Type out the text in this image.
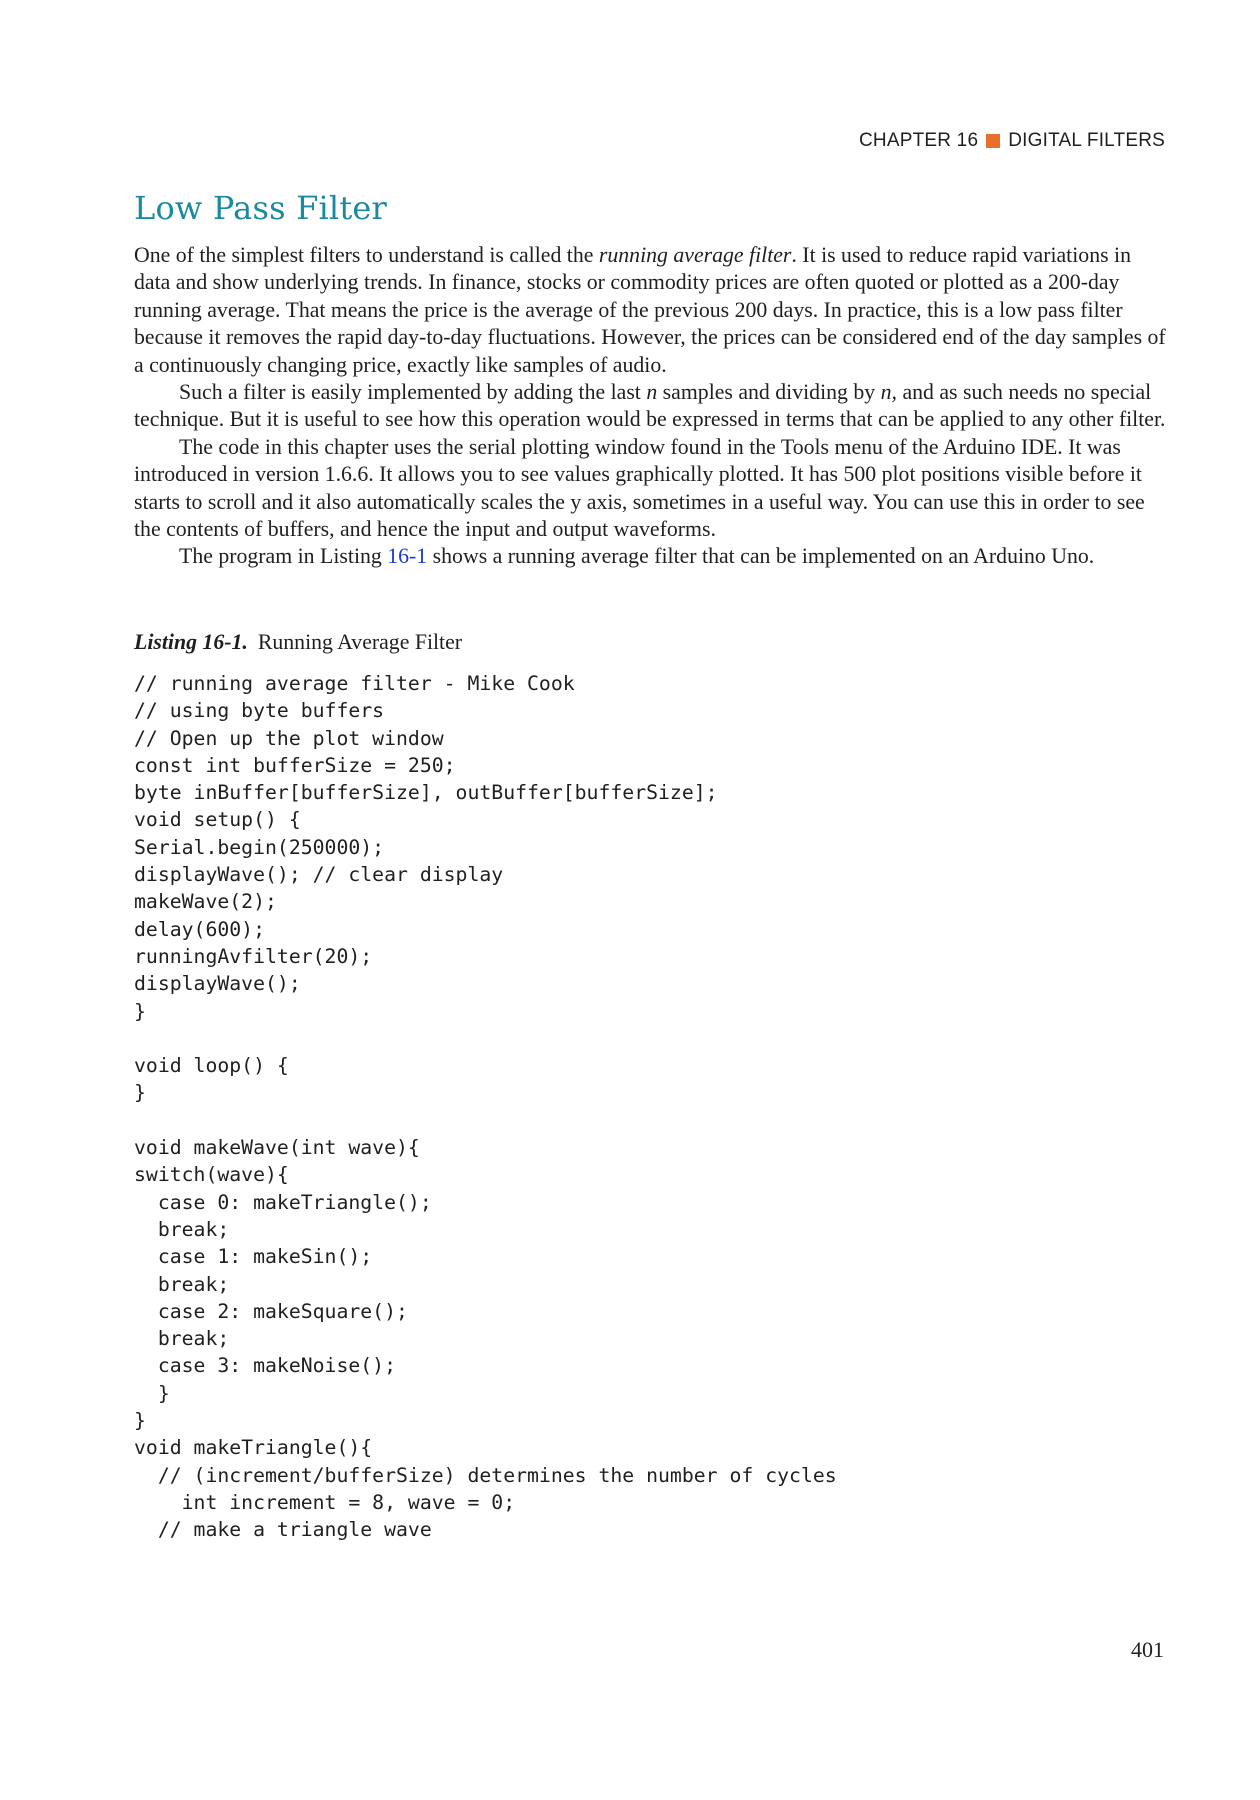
CHAPTER 16 DIGITAL FILTERS
Low Pass Filter

One of the simplest filters to understand is called the running average filter. It is used to reduce rapid variations in data and show underlying trends. In finance, stocks or commodity prices are often quoted or plotted as a 200-day running average. That means the price is the average of the previous 200 days. In practice, this is a low pass filter because it removes the rapid day-to-day fluctuations. However, the prices can be considered end of the day samples of a continuously changing price, exactly like samples of audio.

Such a filter is easily implemented by adding the last n samples and dividing by n, and as such needs no special technique. But it is useful to see how this operation would be expressed in terms that can be applied to any other filter.

The code in this chapter uses the serial plotting window found in the Tools menu of the Arduino IDE. It was introduced in version 1.6.6. It allows you to see values graphically plotted. It has 500 plot positions visible before it starts to scroll and it also automatically scales the y axis, sometimes in a useful way. You can use this in order to see the contents of buffers, and hence the input and output waveforms.

The program in Listing 16-1 shows a running average filter that can be implemented on an Arduino Uno.

Listing 16-1. Running Average Filter
// running average filter - Mike Cook
// using byte buffers
// Open up the plot window
const int bufferSize = 250;
byte inBuffer[bufferSize], outBuffer[bufferSize];
void setup() {
Serial.begin(250000);
displayWave(); // clear display
makeWave(2);
delay(600);
runningAvfilter(20);
displayWave();
}
void loop() {
}
void makeWave(int wave){
switch(wave){
case 0: makeTriangle();
break;
case 1: makeSin();
break;
case 2: makeSquare();
break;
case 3: makeNoise();
}
}
void makeTriangle(){
// (increment/bufferSize) determines the number of cycles
int increment = 8, wave = 0;
// make a triangle wave
401
